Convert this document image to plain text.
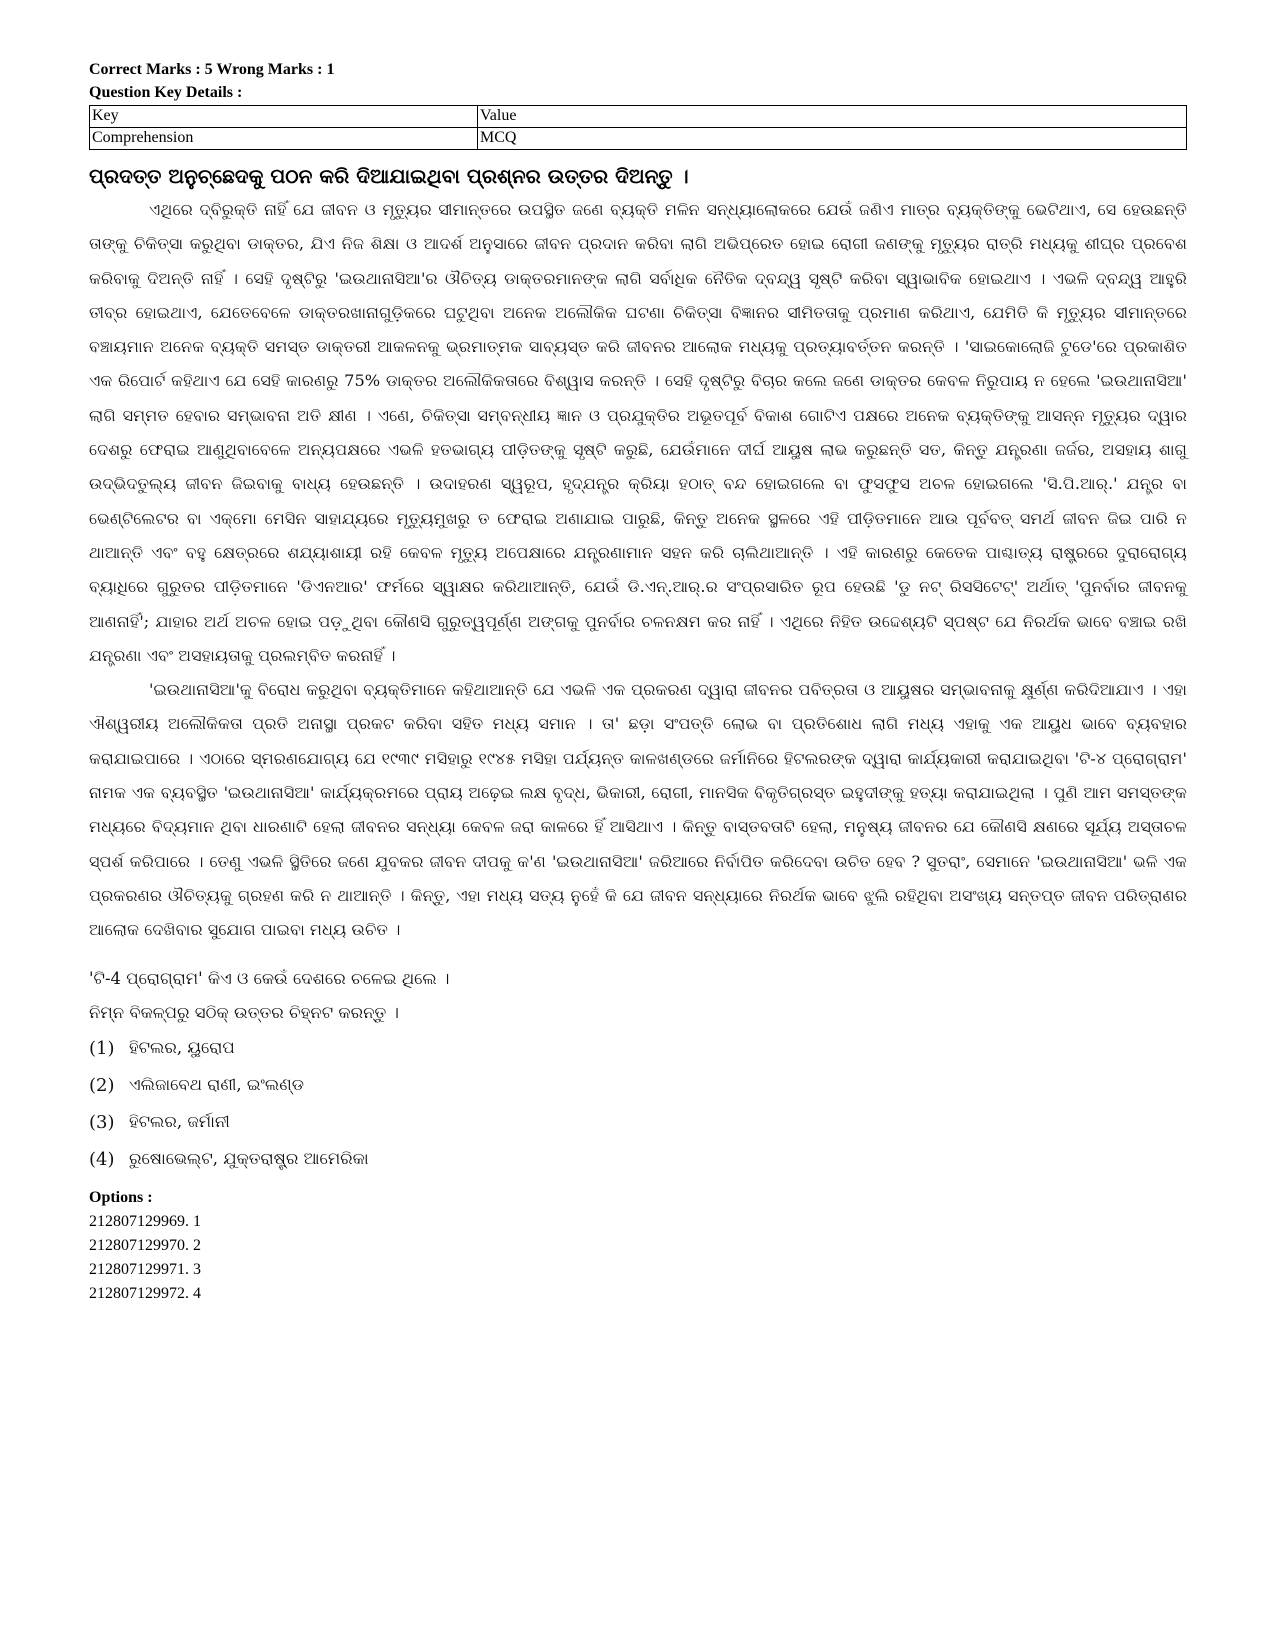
Correct Marks : 5 Wrong Marks : 1
Question Key Details :
Key	Value
Comprehension	MCQ
ପ୍ରଦତ୍ତ ଅନୁଚ୍ଛେଦକୁ ପଠନ କରି ଦିଆଯାଇଥିବା ପ୍ରଶ୍ନର ଉତ୍ତର ଦିଅନ୍ତୁ ।
ଏଥିରେ ଦ୍ବିରୁକ୍ତି ନାହିଁ ଯେ ଜୀବନ ଓ ମୃତ୍ୟୁର ସୀମାନ୍ତରେ ଉପସ୍ଥିତ ଜଣେ ବ୍ୟକ୍ତି ମଳିନ ସନ୍ଧ୍ୟାଲୋକରେ ଯେଉଁ ଜଣିଏ ମାତ୍ର ବ୍ୟକ୍ତିଙ୍କୁ ଭେଟିଥାଏ, ସେ ହେଉଛନ୍ତି ତାଙ୍କୁ ଚିକିତ୍ସା କରୁଥିବା ଡାକ୍ତର, ଯିଏ ନିଜ ଶିକ୍ଷା ଓ ଆଦର୍ଶ ଅନୁସାରେ ଜୀବନ ପ୍ରଦାନ କରିବା ଲାଗି ଅଭିପ୍ରେତ ହୋଇ ରୋଗୀ ଜଣଙ୍କୁ ମୃତ୍ୟୁର ରାତ୍ରି ମଧ୍ୟକୁ ଶୀଘ୍ର ପ୍ରବେଶ କରିବାକୁ ଦିଅନ୍ତି ନାହିଁ । ସେହି ଦୃଷ୍ଟିରୁ 'ଇଉଥାନାସିଆ'ର ଔଚିତ୍ୟ ଡାକ୍ତରମାନଙ୍କ ଲାଗି ସର୍ବାଧିକ ନୈତିକ ଦ୍ବନ୍ଦ୍ୱ ସୃଷ୍ଟି କରିବା ସ୍ୱାଭାବିକ ହୋଇଥାଏ । ଏଭଳି ଦ୍ବନ୍ଦ୍ୱ ଆହୁରି ତୀବ୍ର ହୋଇଥାଏ, ଯେତେବେଳେ ଡାକ୍ତରଖାନାଗୁଡ଼ିକରେ ଘଟୁଥିବା ଅନେକ ଅଲୌକିକ ଘଟଣା ଚିକିତ୍ସା ବିଜ୍ଞାନର ସୀମିତତାକୁ ପ୍ରମାଣ କରିଥାଏ, ଯେମିତି କି ମୃତ୍ୟୁର ସୀମାନ୍ତରେ ବଞ୍ଚାୟମାନ ଅନେକ ବ୍ୟକ୍ତି ସମସ୍ତ ଡାକ୍ତରୀ ଆକଳନକୁ ଭ୍ରମାତ୍ମକ ସାବ୍ୟସ୍ତ କରି ଜୀବନର ଆଲୋକ ମଧ୍ୟକୁ ପ୍ରତ୍ୟାବର୍ତ୍ତନ କରନ୍ତି । 'ସାଇକୋଲୋଜି ଟୁଡେ'ରେ ପ୍ରକାଶିତ ଏକ ରିପୋର୍ଟ କହିଥାଏ ଯେ ସେହି କାରଣରୁ 75% ଡାକ୍ତର ଅଲୌକିକତାରେ ବିଶ୍ୱାସ କରନ୍ତି । ସେହି ଦୃଷ୍ଟିରୁ ବିଚାର କଲେ ଜଣେ ଡାକ୍ତର କେବଳ ନିରୁପାୟ ନ ହେଲେ 'ଇଉଥାନାସିଆ' ଲାଗି ସମ୍ମତ ହେବାର ସମ୍ଭାବନା ଅତି କ୍ଷୀଣ । ଏଣେ, ଚିକିତ୍ସା ସମ୍ବନ୍ଧୀୟ ଜ୍ଞାନ ଓ ପ୍ରଯୁକ୍ତିର ଅଭୂତପୂର୍ବ ବିକାଶ ଗୋଟିଏ ପକ୍ଷରେ ଅନେକ ବ୍ୟକ୍ତିଙ୍କୁ ଆସନ୍ନ ମୃତ୍ୟୁର ଦ୍ୱାର ଦେଶରୁ ଫେରାଇ ଆଣୁଥିବାବେଳେ ଅନ୍ୟପକ୍ଷରେ ଏଭଳି ହତଭାଗ୍ୟ ପୀଡ଼ିତଙ୍କୁ ସୃଷ୍ଟି କରୁଛି, ଯେଉଁମାନେ ଦୀର୍ଘ ଆୟୁଷ ଲାଭ କରୁଛନ୍ତି ସତ, କିନ୍ତୁ ଯନ୍ତ୍ରଣା ଜର୍ଜର, ଅସହାୟ ଶାଗୁ ଉଦ୍ଭିଦତୁଲ୍ୟ ଜୀବନ ଜିଇବାକୁ ବାଧ୍ୟ ହେଉଛନ୍ତି । ଉଦାହରଣ ସ୍ୱରୂପ, ହୃଦ୍‌ଯନ୍ତ୍ର କ୍ରିୟା ହଠାତ୍ ବନ୍ଦ ହୋଇଗଲେ ବା ଫୁସଫୁସ ଅଚଳ ହୋଇଗଲେ 'ସି.ପି.ଆର୍.' ଯନ୍ତ୍ର ବା ଭେଣ୍ଟିଲେଟର ବା ଏକ୍‌ମୋ ମେସିନ ସାହାଯ୍ୟରେ ମୃତ୍ୟୁମୁଖରୁ ତ ଫେରାଇ ଅଣାଯାଇ ପାରୁଛି, କିନ୍ତୁ ଅନେକ ସ୍ଥଳରେ ଏହି ପୀଡ଼ିତମାନେ ଆଉ ପୂର୍ବବତ୍ ସମର୍ଥ ଜୀବନ ଜିଇ ପାରି ନ ଥାଆନ୍ତି ଏବଂ ବହୁ କ୍ଷେତ୍ରରେ ଶଯ୍ୟାଶାୟୀ ରହି କେବଳ ମୃତ୍ୟୁ ଅପେକ୍ଷାରେ ଯନ୍ତ୍ରଣାମାନ ସହନ କରି ଚାଲିଥାଆନ୍ତି । ଏହି କାରଣରୁ କେତେକ ପାଶ୍ଚାତ୍ୟ ରାଷ୍ଟ୍ରରେ ଦୁରାରୋଗ୍ୟ ବ୍ୟାଧିରେ ଗୁରୁତର ପୀଡ଼ିତମାନେ 'ଡିଏନଆର' ଫର୍ମରେ ସ୍ୱାକ୍ଷର କରିଥାଆନ୍ତି, ଯେଉଁ ଡି.ଏନ୍.ଆର୍.ର ସଂପ୍ରସାରିତ ରୂପ ହେଉଛି 'ଡୁ ନଟ୍ ରିସସିଟେଟ୍' ଅର୍ଥାତ୍ 'ପୁନର୍ବାର ଜୀବନକୁ ଆଣନାହିଁ'; ଯାହାର ଅର୍ଥ ଅଚଳ ହୋଇ ପଡ଼ୁଥିବା କୌଣସି ଗୁରୁତ୍ୱପୂର୍ଣ୍ଣ ଅଙ୍ଗକୁ ପୁନର୍ବାର ଚଳନକ୍ଷମ କର ନାହିଁ । ଏଥିରେ ନିହିତ ଉଦ୍ଦେଶ୍ୟଟି ସ୍ପଷ୍ଟ ଯେ ନିରର୍ଥକ ଭାବେ ବଞ୍ଚାଇ ରଖି ଯନ୍ତ୍ରଣା ଏବଂ ଅସହାୟତାକୁ ପ୍ରଲମ୍ବିତ କରନାହିଁ ।
'ଇଉଥାନାସିଆ'କୁ ବିରୋଧ କରୁଥିବା ବ୍ୟକ୍ତିମାନେ କହିଥାଆନ୍ତି ଯେ ଏଭଳି ଏକ ପ୍ରକରଣ ଦ୍ୱାରା ଜୀବନର ପବିତ୍ରତା ଓ ଆୟୁଷର ସମ୍ଭାବନାକୁ କ୍ଷୁର୍ଣ୍ଣ କରିଦିଆଯାଏ । ଏହା ଐଶ୍ୱରୀୟ ଅଲୌକିକତା ପ୍ରତି ଅନାସ୍ଥା ପ୍ରକଟ କରିବା ସହିତ ମଧ୍ୟ ସମାନ । ତା' ଛଡ଼ା ସଂପତ୍ତି ଲୋଭ ବା ପ୍ରତିଶୋଧ ଲାଗି ମଧ୍ୟ ଏହାକୁ ଏକ ଆୟୁଧ ଭାବେ ବ୍ୟବହାର କରାଯାଇପାରେ । ଏଠାରେ ସ୍ମରଣଯୋଗ୍ୟ ଯେ ୧୯୩୯ ମସିହାରୁ ୧୯୪୫ ମସିହା ପର୍ଯ୍ୟନ୍ତ କାଳଖଣ୍ଡରେ ଜର୍ମାନିରେ ହିଟଲରଙ୍କ ଦ୍ୱାରା କାର୍ଯ୍ୟକାରୀ କରାଯାଇଥିବା 'ଟି-୪ ପ୍ରୋଗ୍ରାମ' ନାମକ ଏକ ବ୍ୟବସ୍ଥିତ 'ଇଉଥାନାସିଆ' କାର୍ଯ୍ୟକ୍ରମରେ ପ୍ରାୟ ଅଢ଼େଇ ଲକ୍ଷ ବୃଦ୍ଧ, ଭିକାରୀ, ରୋଗୀ, ମାନସିକ ବିକୃତିଗ୍ରସ୍ତ ଇହୁଦୀଙ୍କୁ ହତ୍ୟା କରାଯାଇଥିଲା । ପୁଣି ଆମ ସମସ୍ତଙ୍କ ମଧ୍ୟରେ ବିଦ୍ୟମାନ ଥିବା ଧାରଣାଟି ହେଲା ଜୀବନର ସନ୍ଧ୍ୟା କେବଳ ଜରା କାଳରେ ହିଁ ଆସିଥାଏ । କିନ୍ତୁ ବାସ୍ତବତାଟି ହେଲା, ମନୁଷ୍ୟ ଜୀବନର ଯେ କୌଣସି କ୍ଷଣରେ ସୂର୍ଯ୍ୟ ଅସ୍ତାଚଳ ସ୍ପର୍ଶ କରିପାରେ । ତେଣୁ ଏଭଳି ସ୍ଥିତିରେ ଜଣେ ଯୁବକର ଜୀବନ ଦୀପକୁ କ'ଣ 'ଇଉଥାନାସିଆ' ଜରିଆରେ ନିର୍ବାପିତ କରିଦେବା ଉଚିତ ହେବ ? ସୁତରାଂ, ସେମାନେ 'ଇଉଥାନାସିଆ' ଭଳି ଏକ ପ୍ରକରଣର ଔଚିତ୍ୟକୁ ଗ୍ରହଣ କରି ନ ଥାଆନ୍ତି । କିନ୍ତୁ, ଏହା ମଧ୍ୟ ସତ୍ୟ ନୁହେଁ କି ଯେ ଜୀବନ ସନ୍ଧ୍ୟାରେ ନିରର୍ଥକ ଭାବେ ଝୁଲି ରହିଥିବା ଅସଂଖ୍ୟ ସନ୍ତପ୍ତ ଜୀବନ ପରିତ୍ରାଣର ଆଲୋକ ଦେଖିବାର ସୁଯୋଗ ପାଇବା ମଧ୍ୟ ଉଚିତ ।
'ଟି-4 ପ୍ରୋଗ୍ରାମ' କିଏ ଓ କେଉଁ ଦେଶରେ ଚଳେଇ ଥିଲେ ।
ନିମ୍ନ ବିକଳ୍ପରୁ ସଠିକ୍ ଉତ୍ତର ଚିହ୍ନଟ କରନ୍ତୁ ।
(1) ହିଟଲର, ୟୁରୋପ
(2) ଏଲିଜାବେଥ ରାଣୀ, ଇଂଲଣ୍ଡ
(3) ହିଟଲର, ଜର୍ମାନୀ
(4) ରୁଷୋଭେଲ୍ଟ, ଯୁକ୍ତରାଷ୍ଟ୍ର ଆମେରିକା
Options :
212807129969. 1
212807129970. 2
212807129971. 3
212807129972. 4
